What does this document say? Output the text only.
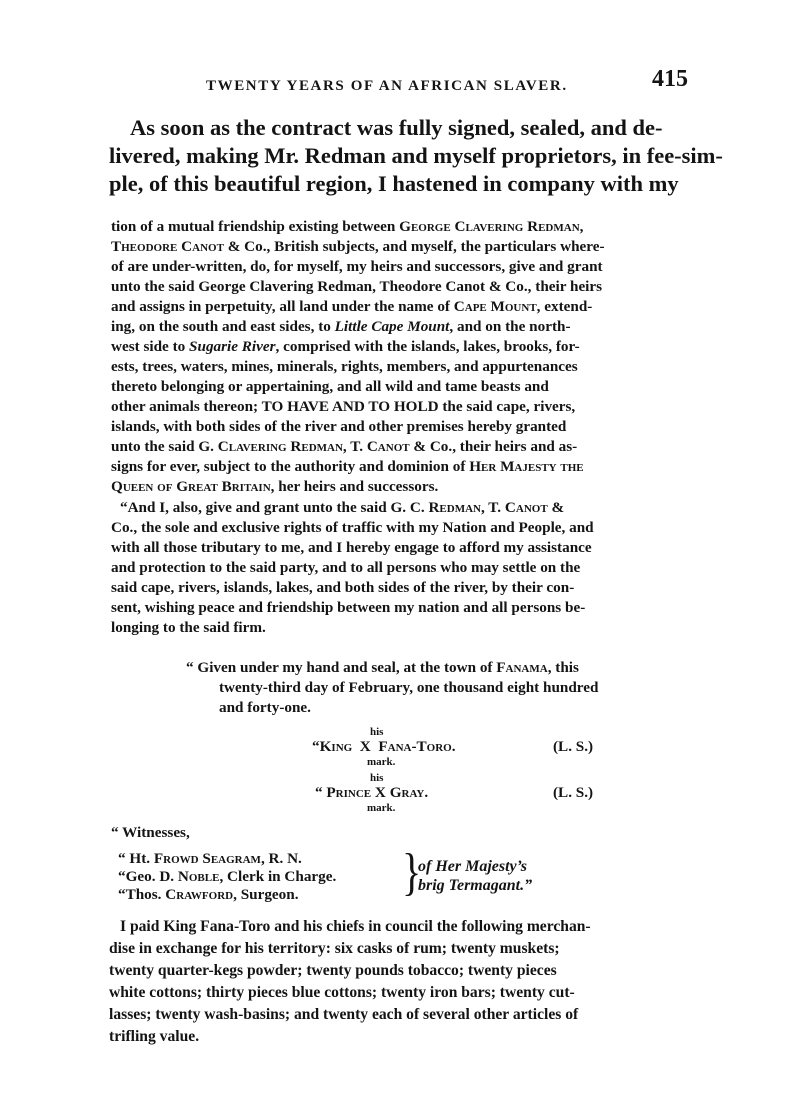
TWENTY YEARS OF AN AFRICAN SLAVER.	415
As soon as the contract was fully signed, sealed, and de-
livered, making Mr. Redman and myself proprietors, in fee-sim-
ple, of this beautiful region, I hastened in company with my
tion of a mutual friendship existing between George Clavering Redman,
Theodore Canot & Co., British subjects, and myself, the particulars where-
of are under-written, do, for myself, my heirs and successors, give and grant
unto the said George Clavering Redman, Theodore Canot & Co., their heirs
and assigns in perpetuity, all land under the name of Cape Mount, extend-
ing, on the south and east sides, to Little Cape Mount, and on the north-
west side to Sugarie River, comprised with the islands, lakes, brooks, for-
ests, trees, waters, mines, minerals, rights, members, and appurtenances
thereto belonging or appertaining, and all wild and tame beasts and
other animals thereon; TO HAVE AND TO HOLD the said cape, rivers,
islands, with both sides of the river and other premises hereby granted
unto the said G. Clavering Redman, T. Canot & Co., their heirs and as-
signs for ever, subject to the authority and dominion of Her Majesty the
Queen of Great Britain, her heirs and successors.
“And I, also, give and grant unto the said G. C. Redman, T. Canot &
Co., the sole and exclusive rights of traffic with my Nation and People, and
with all those tributary to me, and I hereby engage to afford my assistance
and protection to the said party, and to all persons who may settle on the
said cape, rivers, islands, lakes, and both sides of the river, by their con-
sent, wishing peace and friendship between my nation and all persons be-
longing to the said firm.
“ Given under my hand and seal, at the town of Fanama, this
twenty-third day of February, one thousand eight hundred
and forty-one.
his
“King X Fana-Toro.	(L. S.)
mark.
his
“ Prince X Gray.	(L. S.)
mark.
“ Witnesses,
“ Ht. Frowd Seagram, R. N.
“Geo. D. Noble, Clerk in Charge.
“Thos. Crawford, Surgeon.	}
of Her Majesty’s
brig Termagant.”
I paid King Fana-Toro and his chiefs in council the following merchan-
dise in exchange for his territory: six casks of rum; twenty muskets;
twenty quarter-kegs powder; twenty pounds tobacco; twenty pieces
white cottons; thirty pieces blue cottons; twenty iron bars; twenty cut-
lasses; twenty wash-basins; and twenty each of several other articles of
trifling value.
